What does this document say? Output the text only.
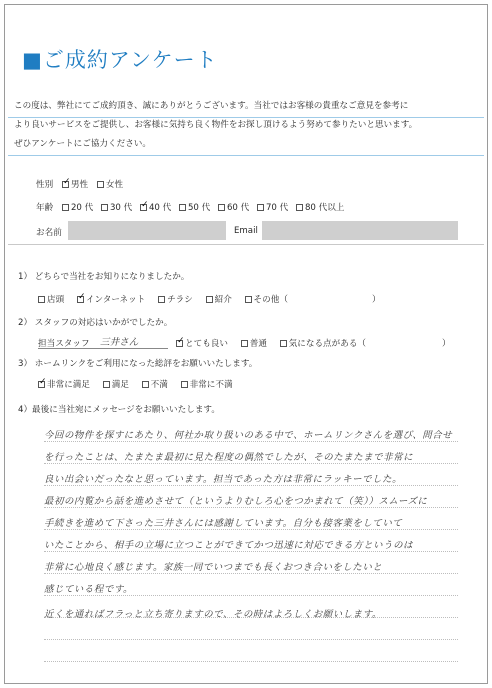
■ご成約アンケート
この度は、弊社にてご成約頂き、誠にありがとうございます。当社ではお客様の貴重なご意見を参考に
より良いサービスをご提供し、お客様に気持ち良く物件をお探し頂けるよう努めて参りたいと思います。
ぜひアンケートにご協力ください。
性別 ✓ 男性 女性
年齢 20 代 30 代 ✓ 40 代 50 代 60 代 70 代 80 代以上
お名前	Email
1） どちらで当社をお知りになりましたか。
店頭 ✓	インターネット	チラシ	紹介	その他（	）
2） スタッフの対応はいかがでしたか。
担当スタッフ 三井さん ✓	とても良い	普通	気になる点がある（	）
3） ホームリンクをご利用になった総評をお願いいたします。
✓非常に満足	満足	不満	非常に不満
4）最後に当社宛にメッセージをお願いいたします。
今回の物件を探すにあたり、何社か取り扱いのある中で、ホームリンクさんを選び、問合せ
を行ったことは、たまたま最初に見た程度の偶然でしたが、そのたまたまで非常に
良い出会いだったなと思っています。担当であった方は非常にラッキーでした。
最初の内覧から話を進めさせて（というよりむしろ心をつかまれて（笑））スムーズに
手続きを進めて下さった三井さんには感謝しています。自分も接客業をしていて
いたことから、相手の立場に立つことができてかつ迅速に対応できる方というのは
非常に心地良く感じます。家族一同でいつまでも長くおつき合いをしたいと
感じている程です。
近くを通ればフラっと立ち寄りますので、その時はよろしくお願いします。
